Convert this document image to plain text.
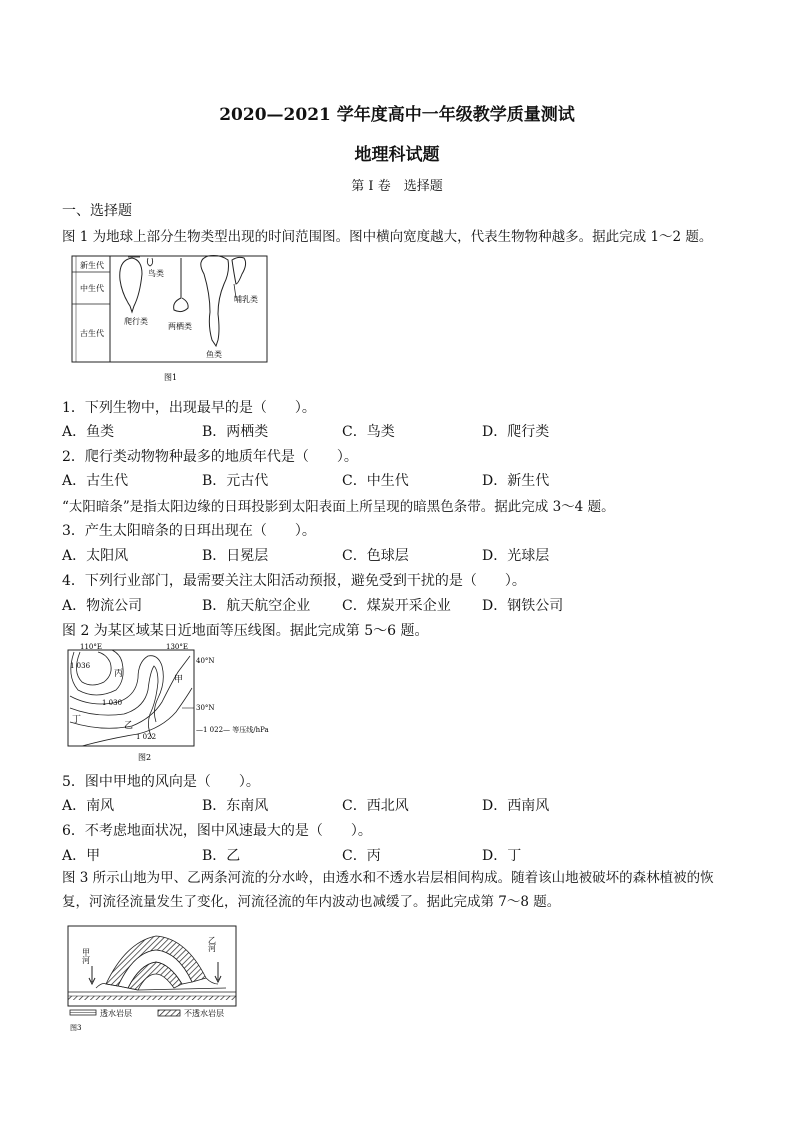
2020—2021 学年度高中一年级教学质量测试
地理科试题
第 I 卷　选择题
一、选择题
图 1 为地球上部分生物类型出现的时间范围图。图中横向宽度越大，代表生物物种越多。据此完成 1～2 题。
新生代
中生代
古生代
鸟类
爬行类
两栖类
哺乳类
鱼类
图1
1．下列生物中，出现最早的是（　　）。
A．鱼类	B．两栖类	C．鸟类	D．爬行类
2．爬行类动物物种最多的地质年代是（　　）。
A．古生代	B．元古代	C．中生代	D．新生代
“太阳暗条”是指太阳边缘的日珥投影到太阳表面上所呈现的暗黑色条带。据此完成 3～4 题。
3．产生太阳暗条的日珥出现在（　　）。
A．太阳风	B．日冕层	C．色球层	D．光球层
4．下列行业部门，最需要关注太阳活动预报，避免受到干扰的是（　　）。
A．物流公司	B．航天航空企业 C．煤炭开采企业 D．钢铁公司
图 2 为某区域某日近地面等压线图。据此完成第 5～6 题。
110°E	130°E
40°N
30°N
1 036
1 030
1 022
丙
甲
乙
丁
—1 022— 等压线/hPa
图2
5．图中甲地的风向是（　　）。
A．南风	B．东南风	C．西北风	D．西南风
6．不考虑地面状况，图中风速最大的是（　　）。
A．甲	B．乙	C．丙	D．丁
图 3 所示山地为甲、乙两条河流的分水岭，由透水和不透水岩层相间构成。随着该山地被破坏的森林植被的恢复，河流径流量发生了变化，河流径流的年内波动也减缓了。据此完成第 7～8 题。
甲河
乙河
透水岩层	不透水岩层
图3
